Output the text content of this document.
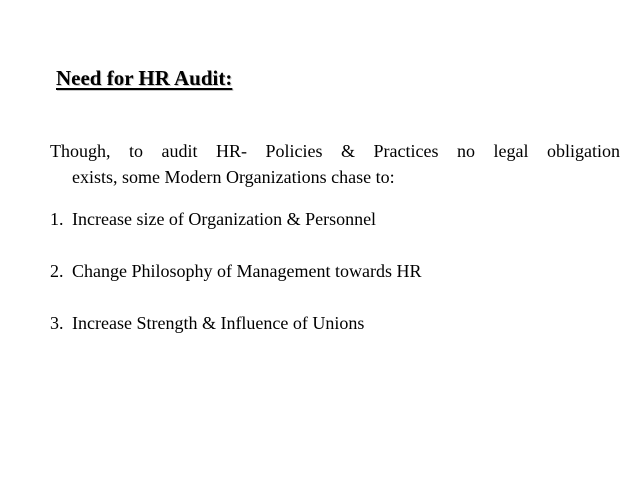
Need for HR Audit:
Though, to audit HR- Policies & Practices no legal obligation
exists, some Modern Organizations chase to:
1. Increase size of Organization & Personnel
2. Change Philosophy of Management towards HR
3. Increase Strength & Influence of Unions
